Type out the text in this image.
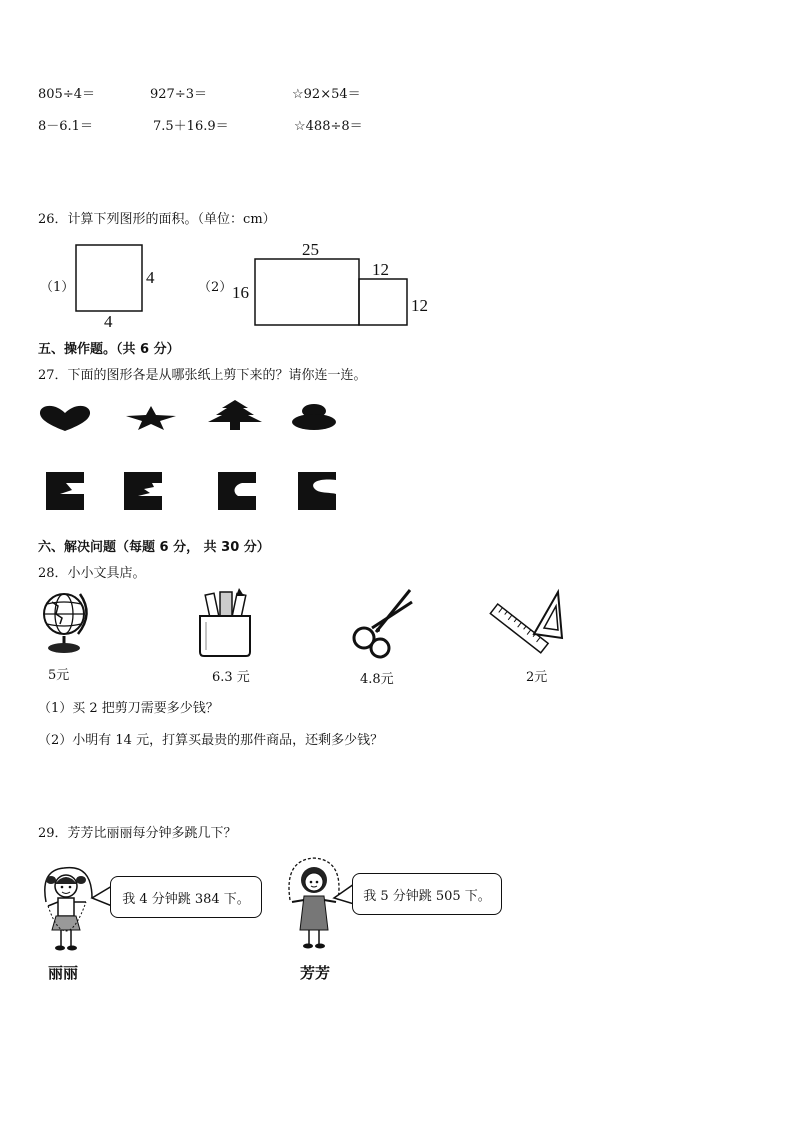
805÷4＝	927÷3＝	☆92×54＝
8－6.1＝	7.5＋16.9＝	☆488÷8＝
26．计算下列图形的面积。（单位：cm）
（1）
4
4
（2）
25
16
12
12
五、操作题。（共 6 分）
27．下面的图形各是从哪张纸上剪下来的？请你连一连。
六、解决问题（每题 6 分， 共 30 分）
28．小小文具店。
5元	6.3 元	4.8元	2元
（1）买 2 把剪刀需要多少钱？
（2）小明有 14 元，打算买最贵的那件商品，还剩多少钱？
29．芳芳比丽丽每分钟多跳几下？
丽丽
我 4 分钟跳 384 下。
芳芳
我 5 分钟跳 505 下。
